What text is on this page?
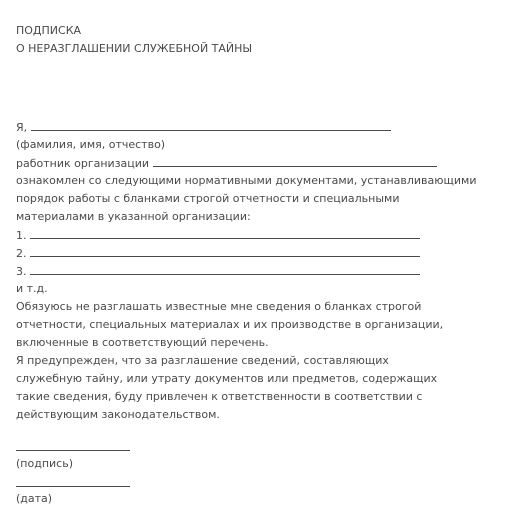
ПОДПИСКА
О НЕРАЗГЛАШЕНИИ СЛУЖЕБНОЙ ТАЙНЫ
Я,
(фамилия, имя, отчество)
работник организации
ознакомлен со следующими нормативными документами, устанавливающими
порядок работы с бланками строгой отчетности и специальными
материалами в указанной организации:
1.
2.
3.
и т.д.
Обязуюсь не разглашать известные мне сведения о бланках строгой
отчетности, специальных материалах и их производстве в организации,
включенные в соответствующий перечень.
Я предупрежден, что за разглашение сведений, составляющих
служебную тайну, или утрату документов или предметов, содержащих
такие сведения, буду привлечен к ответственности в соответствии с
действующим законодательством.
(подпись)
(дата)
